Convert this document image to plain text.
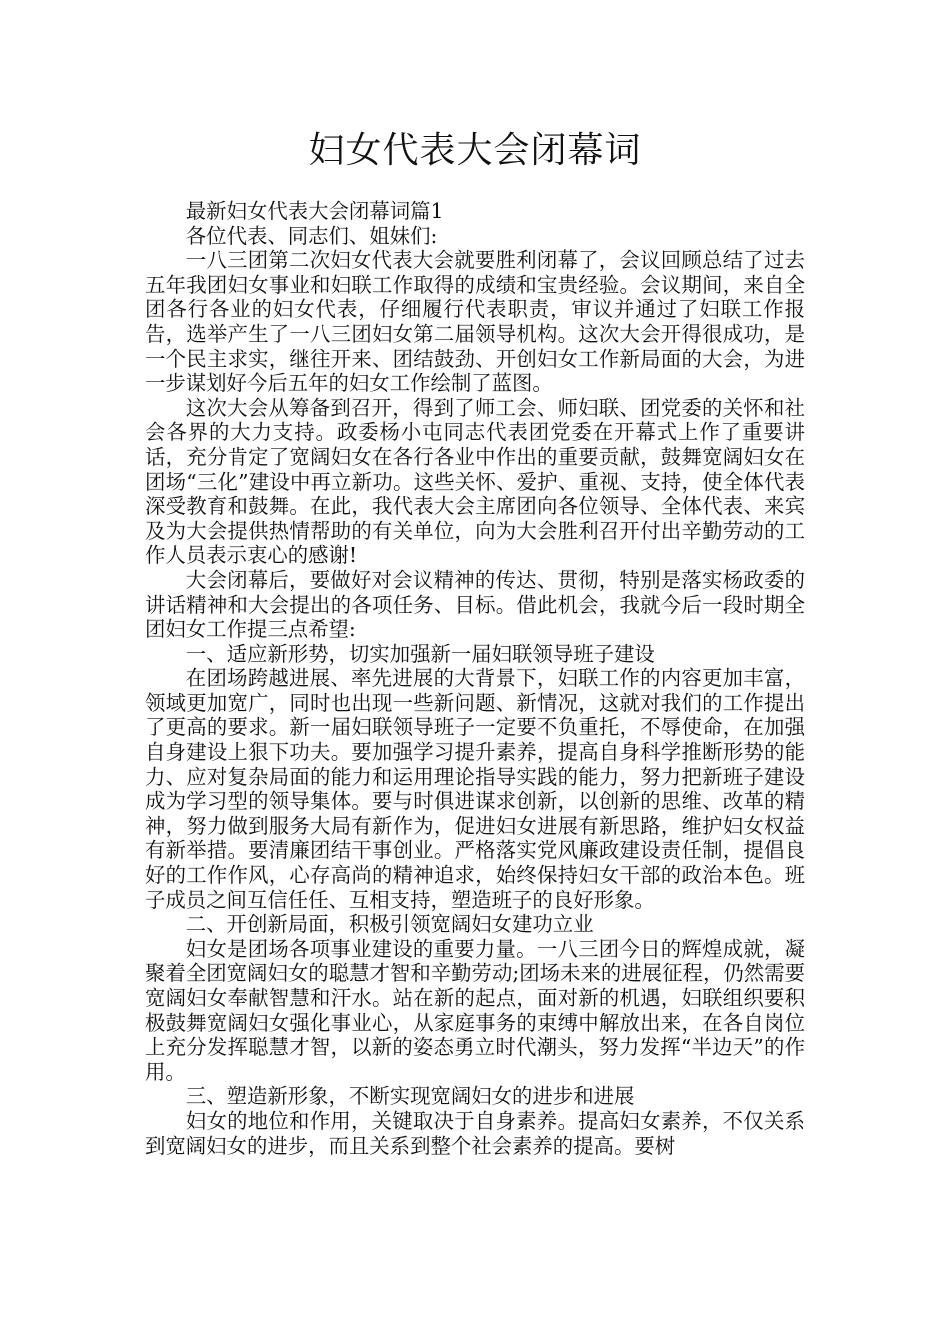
妇女代表大会闭幕词

最新妇女代表大会闭幕词篇1

各位代表、同志们、姐妹们:

一八三团第二次妇女代表大会就要胜利闭幕了，会议回顾总结了过去五年我团妇女事业和妇联工作取得的成绩和宝贵经验。会议期间，来自全团各行各业的妇女代表，仔细履行代表职责，审议并通过了妇联工作报告，选举产生了一八三团妇女第二届领导机构。这次大会开得很成功，是一个民主求实，继往开来、团结鼓劲、开创妇女工作新局面的大会，为进一步谋划好今后五年的妇女工作绘制了蓝图。

这次大会从筹备到召开，得到了师工会、师妇联、团党委的关怀和社会各界的大力支持。政委杨小屯同志代表团党委在开幕式上作了重要讲话，充分肯定了宽阔妇女在各行各业中作出的重要贡献，鼓舞宽阔妇女在团场“三化”建设中再立新功。这些关怀、爱护、重视、支持，使全体代表深受教育和鼓舞。在此，我代表大会主席团向各位领导、全体代表、来宾及为大会提供热情帮助的有关单位，向为大会胜利召开付出辛勤劳动的工作人员表示衷心的感谢!

大会闭幕后，要做好对会议精神的传达、贯彻，特别是落实杨政委的讲话精神和大会提出的各项任务、目标。借此机会，我就今后一段时期全团妇女工作提三点希望:

一、适应新形势，切实加强新一届妇联领导班子建设

在团场跨越进展、率先进展的大背景下，妇联工作的内容更加丰富，领域更加宽广，同时也出现一些新问题、新情况，这就对我们的工作提出了更高的要求。新一届妇联领导班子一定要不负重托，不辱使命，在加强自身建设上狠下功夫。要加强学习提升素养，提高自身科学推断形势的能力、应对复杂局面的能力和运用理论指导实践的能力，努力把新班子建设成为学习型的领导集体。要与时俱进谋求创新，以创新的思维、改革的精神，努力做到服务大局有新作为，促进妇女进展有新思路，维护妇女权益有新举措。要清廉团结干事创业。严格落实党风廉政建设责任制，提倡良好的工作作风，心存高尚的精神追求，始终保持妇女干部的政治本色。班子成员之间互信任任、互相支持，塑造班子的良好形象。

二、开创新局面，积极引领宽阔妇女建功立业

妇女是团场各项事业建设的重要力量。一八三团今日的辉煌成就，凝聚着全团宽阔妇女的聪慧才智和辛勤劳动;团场未来的进展征程，仍然需要宽阔妇女奉献智慧和汗水。站在新的起点，面对新的机遇，妇联组织要积极鼓舞宽阔妇女强化事业心，从家庭事务的束缚中解放出来，在各自岗位上充分发挥聪慧才智，以新的姿态勇立时代潮头，努力发挥“半边天”的作用。

三、塑造新形象，不断实现宽阔妇女的进步和进展

妇女的地位和作用，关键取决于自身素养。提高妇女素养，不仅关系到宽阔妇女的进步，而且关系到整个社会素养的提高。要树
